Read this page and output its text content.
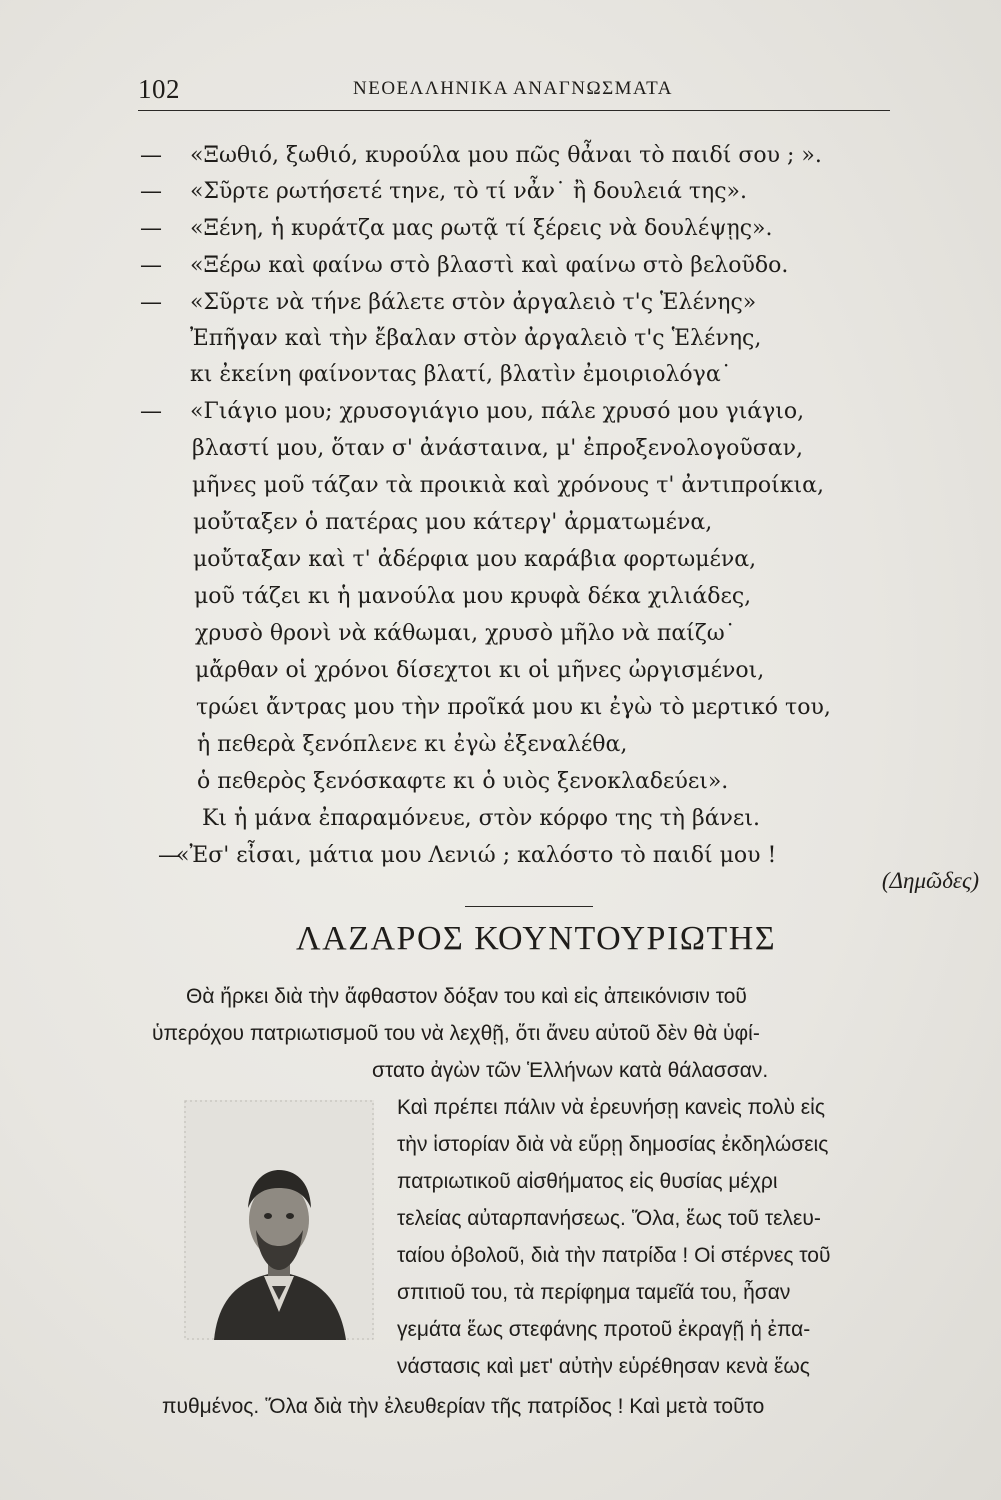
102	ΝΕΟΕΛΛΗΝΙΚΑ ΑΝΑΓΝΩΣΜΑΤΑ
—	«Ξωθιό, ξωθιό, κυρούλα μου πῶς θἆναι τὸ παιδί σου ; ».
—	«Σῦρτε ρωτήσετέ τηνε, τὸ τί νἆν˙ ἢ δουλειά της».
—	«Ξένη, ἡ κυράτζα μας ρωτᾷ τί ξέρεις νὰ δουλέψῃς».
—	«Ξέρω καὶ φαίνω στὸ βλαστὶ καὶ φαίνω στὸ βελοῦδο.
—	«Σῦρτε νὰ τήνε βάλετε στὸν ἀργαλειὸ τ'ς Ἑλένης»
Ἐπῆγαν καὶ τὴν ἔβαλαν στὸν ἀργαλειὸ τ'ς Ἑλένης,
κι ἐκείνη φαίνοντας βλατί, βλατὶν ἐμοιριολόγα˙
—	«Γιάγιο μου; χρυσογιάγιο μου, πάλε χρυσό μου γιάγιο,
βλαστί μου, ὅταν σ' ἀνάσταινα, μ' ἐπροξενολογοῦσαν,
μῆνες μοῦ τάζαν τὰ προικιὰ καὶ χρόνους τ' ἀντιπροίκια,
μοὔταξεν ὁ πατέρας μου κάτεργ' ἀρματωμένα,
μοὔταξαν καὶ τ' ἀδέρφια μου καράβια φορτωμένα,
μοῦ τάζει κι ἡ μανούλα μου κρυφὰ δέκα χιλιάδες,
χρυσὸ θρονὶ νὰ κάθωμαι, χρυσὸ μῆλο νὰ παίζω˙
μἄρθαν οἱ χρόνοι δίσεχτοι κι οἱ μῆνες ὠργισμένοι,
τρώει ἄντρας μου τὴν προῖκά μου κι ἐγὼ τὸ μερτικό του,
ἡ πεθερὰ ξενόπλενε κι ἐγὼ ἐξεναλέθα,
ὁ πεθερὸς ξενόσκαφτε κι ὁ υιὸς ξενοκλαδεύει».
Κι ἡ μάνα ἐπαραμόνευε, στὸν κόρφο της τὴ βάνει.
—
«Ἐσ' εἶσαι, μάτια μου Λενιώ ; καλόστο τὸ παιδί μου !
(Δημῶδες)
ΛΑΖΑΡΟΣ ΚΟΥΝΤΟΥΡΙΩΤΗΣ
Θὰ ἤρκει διὰ τὴν ἄφθαστον δόξαν του καὶ εἰς ἀπεικόνισιν τοῦ
ὑπερόχου πατριωτισμοῦ του νὰ λεχθῇ, ὅτι ἄνευ αὐτοῦ δὲν θὰ ὑφί-
στατο ἀγὼν τῶν Ἑλλήνων κατὰ θάλασσαν.
Καὶ πρέπει πάλιν νὰ ἐρευνήσῃ κανεὶς πολὺ εἰς
τὴν ἱστορίαν διὰ νὰ εὕρῃ δημοσίας ἐκδηλώσεις
πατριωτικοῦ αἰσθήματος εἰς θυσίας μέχρι
τελείας αὐταρπανήσεως. Ὅλα, ἕως τοῦ τελευ-
ταίου ὀβολοῦ, διὰ τὴν πατρίδα ! Οἱ στέρνες τοῦ
σπιτιοῦ του, τὰ περίφημα ταμεῖά του, ἦσαν
γεμάτα ἕως στεφάνης προτοῦ ἐκραγῇ ἡ ἐπα-
νάστασις καὶ μετ' αὐτὴν εὑρέθησαν κενὰ ἕως
πυθμένος. Ὅλα διὰ τὴν ἐλευθερίαν τῆς πατρίδος ! Καὶ μετὰ τοῦτο
